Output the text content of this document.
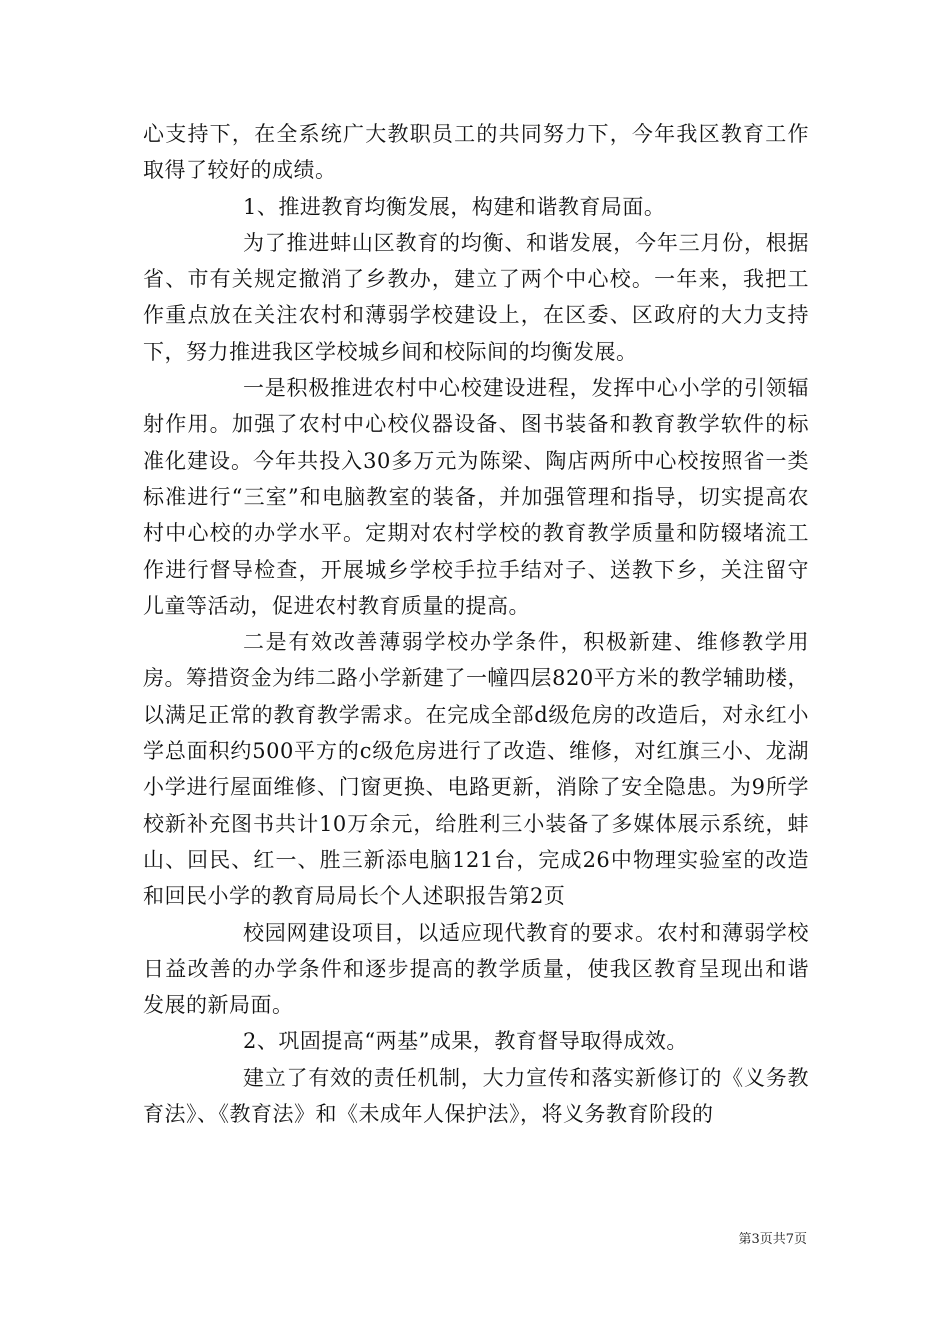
心支持下，在全系统广大教职员工的共同努力下，今年我区教育工作取得了较好的成绩。

1、推进教育均衡发展，构建和谐教育局面。

为了推进蚌山区教育的均衡、和谐发展，今年三月份，根据省、市有关规定撤消了乡教办，建立了两个中心校。一年来，我把工作重点放在关注农村和薄弱学校建设上，在区委、区政府的大力支持下，努力推进我区学校城乡间和校际间的均衡发展。

一是积极推进农村中心校建设进程，发挥中心小学的引领辐射作用。加强了农村中心校仪器设备、图书装备和教育教学软件的标准化建设。今年共投入30多万元为陈梁、陶店两所中心校按照省一类标准进行“三室”和电脑教室的装备，并加强管理和指导，切实提高农村中心校的办学水平。定期对农村学校的教育教学质量和防辍堵流工作进行督导检查，开展城乡学校手拉手结对子、送教下乡，关注留守儿童等活动，促进农村教育质量的提高。

二是有效改善薄弱学校办学条件，积极新建、维修教学用房。筹措资金为纬二路小学新建了一幢四层820平方米的教学辅助楼，以满足正常的教育教学需求。在完成全部d级危房的改造后，对永红小学总面积约500平方的c级危房进行了改造、维修，对红旗三小、龙湖小学进行屋面维修、门窗更换、电路更新，消除了安全隐患。为9所学校新补充图书共计10万余元，给胜利三小装备了多媒体展示系统，蚌山、回民、红一、胜三新添电脑121台，完成26中物理实验室的改造和回民小学的教育局局长个人述职报告第2页

校园网建设项目，以适应现代教育的要求。农村和薄弱学校日益改善的办学条件和逐步提高的教学质量，使我区教育呈现出和谐发展的新局面。

2、巩固提高“两基”成果，教育督导取得成效。

建立了有效的责任机制，大力宣传和落实新修订的《义务教育法》、《教育法》和《未成年人保护法》，将义务教育阶段的

第3页共7页
